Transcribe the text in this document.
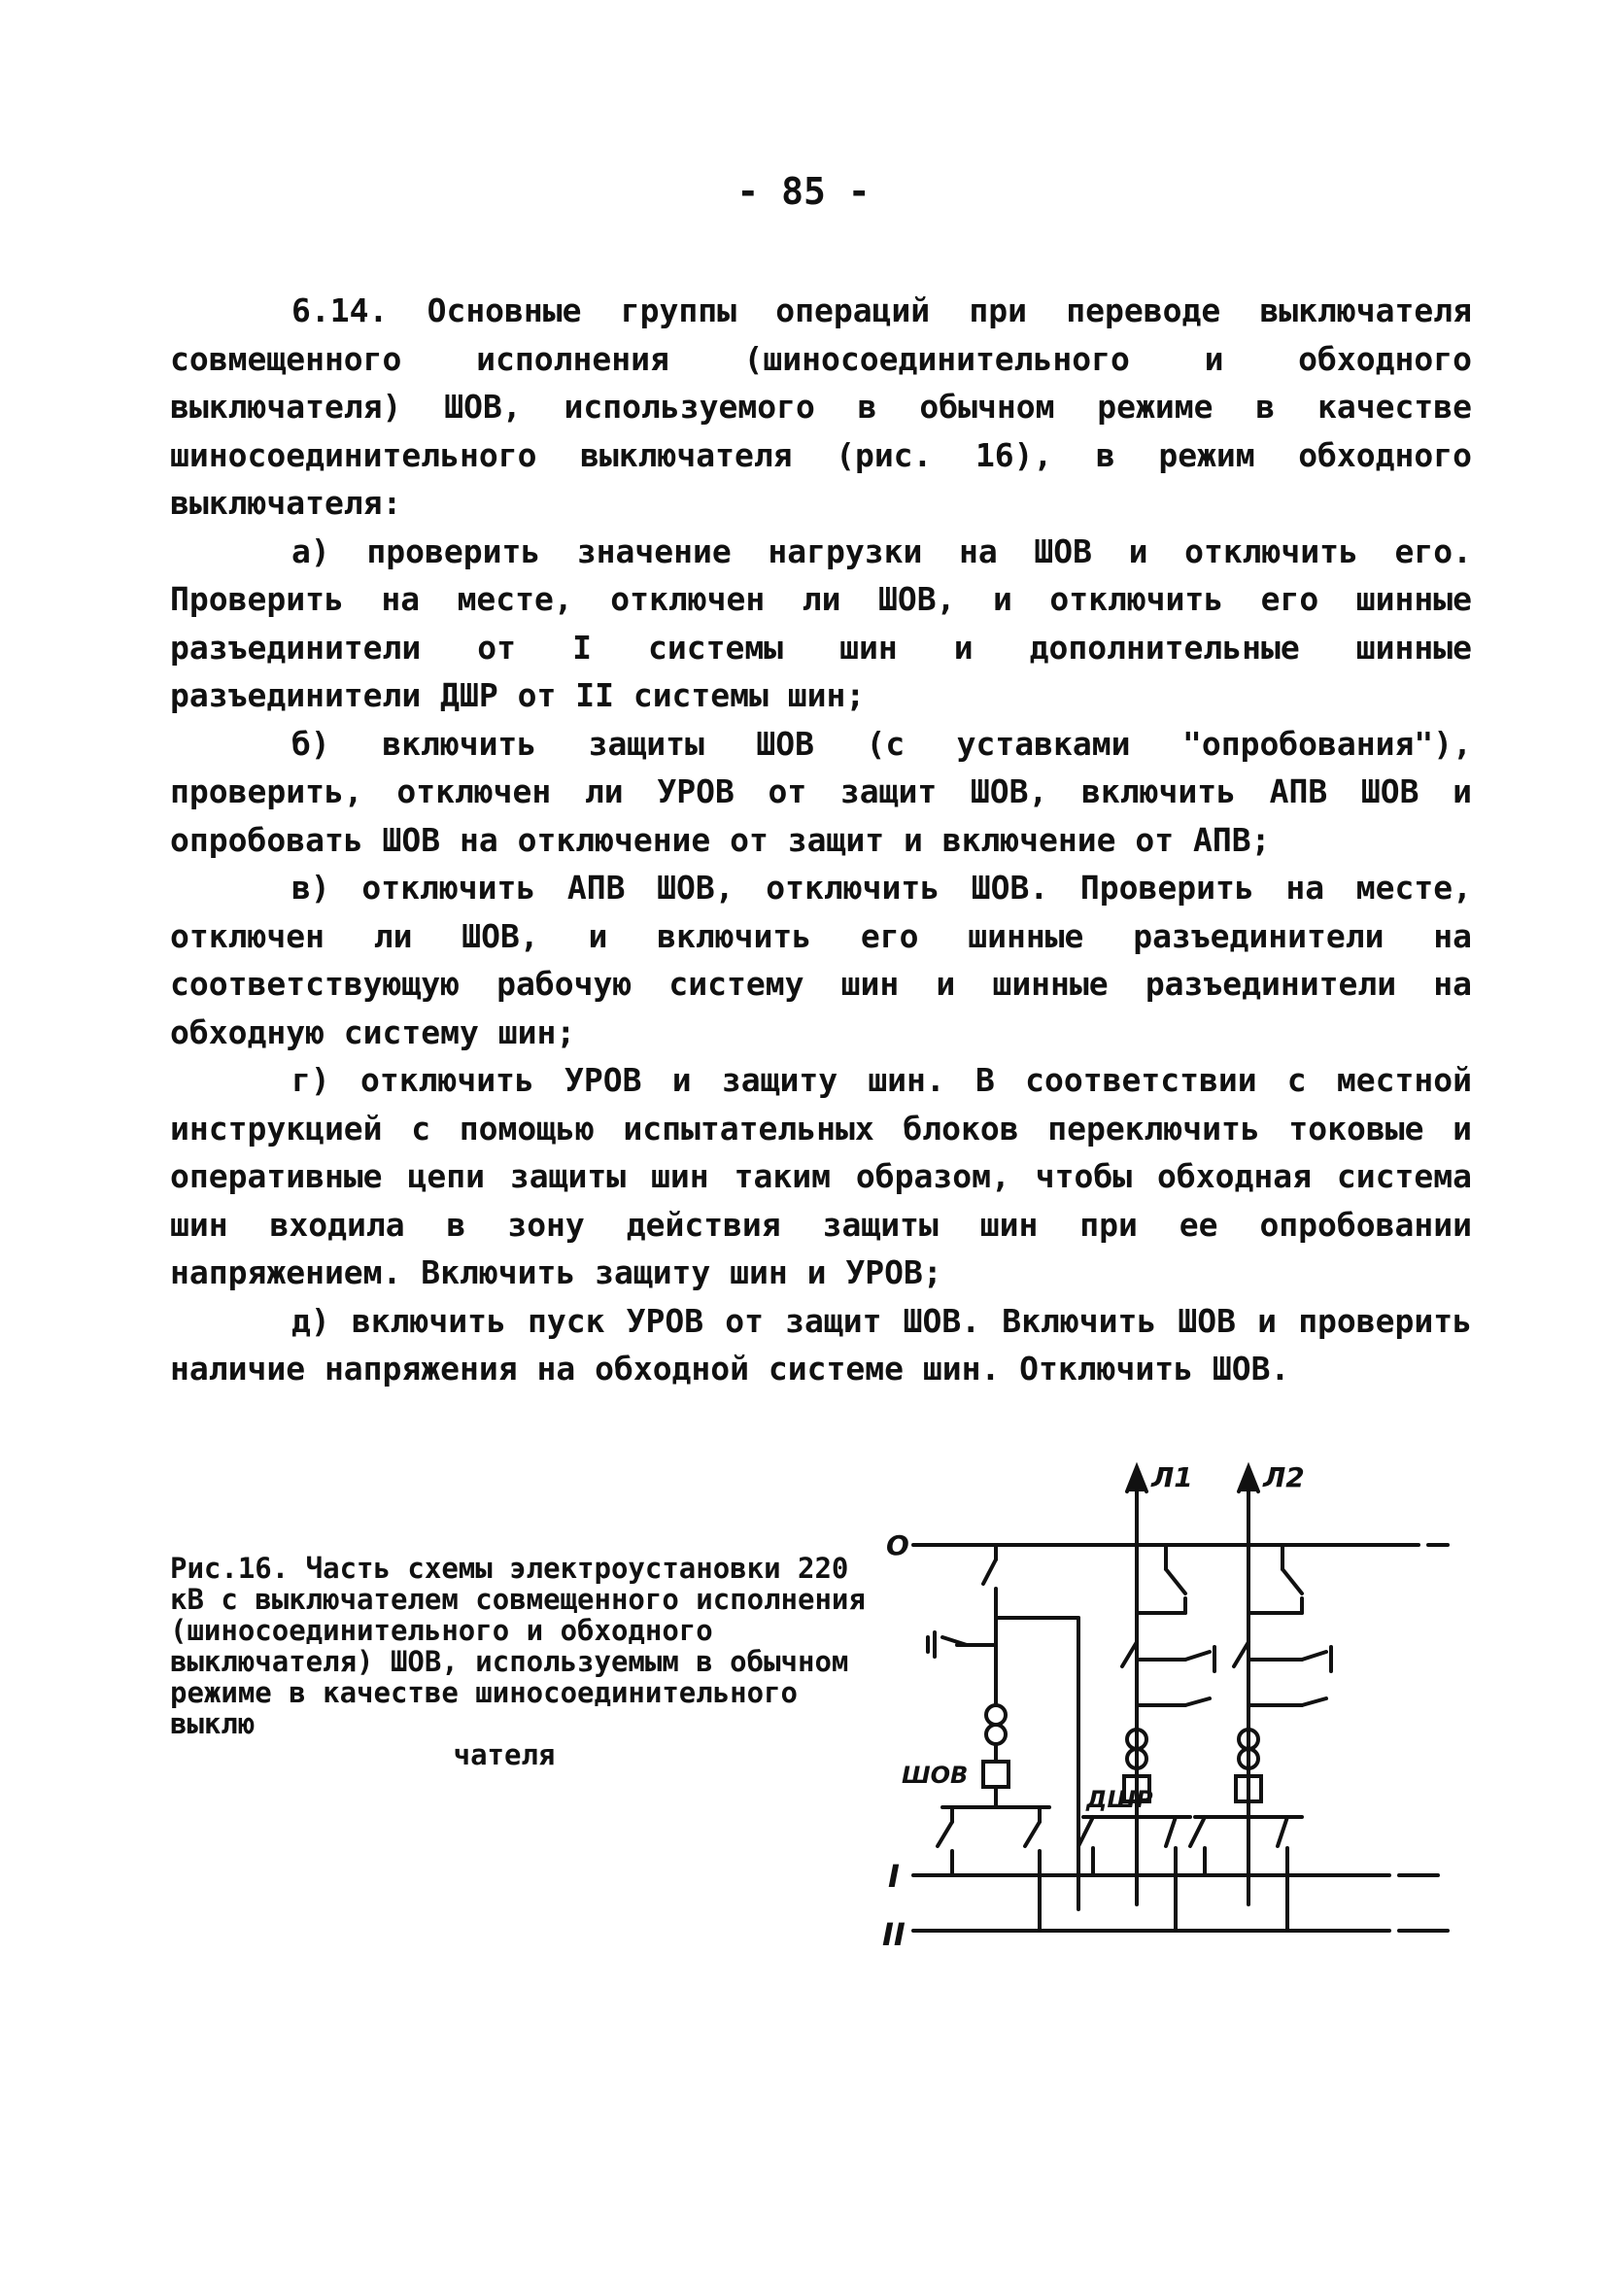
- 85 -

6.14. Основные группы операций при переводе выключателя совмещенного исполнения (шиносоединительного и обходного выключателя) ШОВ, используемого в обычном режиме в качестве шиносоединительного выключателя (рис. 16), в режим обходного выключателя:

а) проверить значение нагрузки на ШОВ и отключить его. Проверить на месте, отключен ли ШОВ, и отключить его шинные разъединители от I системы шин и дополнительные шинные разъединители ДШР от II системы шин;

б) включить защиты ШОВ (с уставками "опробования"), проверить, отключен ли УРОВ от защит ШОВ, включить АПВ ШОВ и опробовать ШОВ на отключение от защит и включение от АПВ;

в) отключить АПВ ШОВ, отключить ШОВ. Проверить на месте, отключен ли ШОВ, и включить его шинные разъединители на соответствующую рабочую систему шин и шинные разъединители на обходную систему шин;

г) отключить УРОВ и защиту шин. В соответствии с местной инструкцией с помощью испытательных блоков переключить токовые и оперативные цепи защиты шин таким образом, чтобы обходная система шин входила в зону действия защиты шин при ее опробовании напряжением. Включить защиту шин и УРОВ;

д) включить пуск УРОВ от защит ШОВ. Включить ШОВ и проверить наличие напряжения на обходной системе шин. Отключить ШОВ.

Рис.16. Часть схемы электроустановки 220 кВ с выключателем совмещенного исполнения (шиносоединительного и обходного выключателя) ШОВ, используемым в обычном режиме в качестве шиносоединительного выклю
чателя
Л1	Л2
О
ШОВ
ДШР
I
II
